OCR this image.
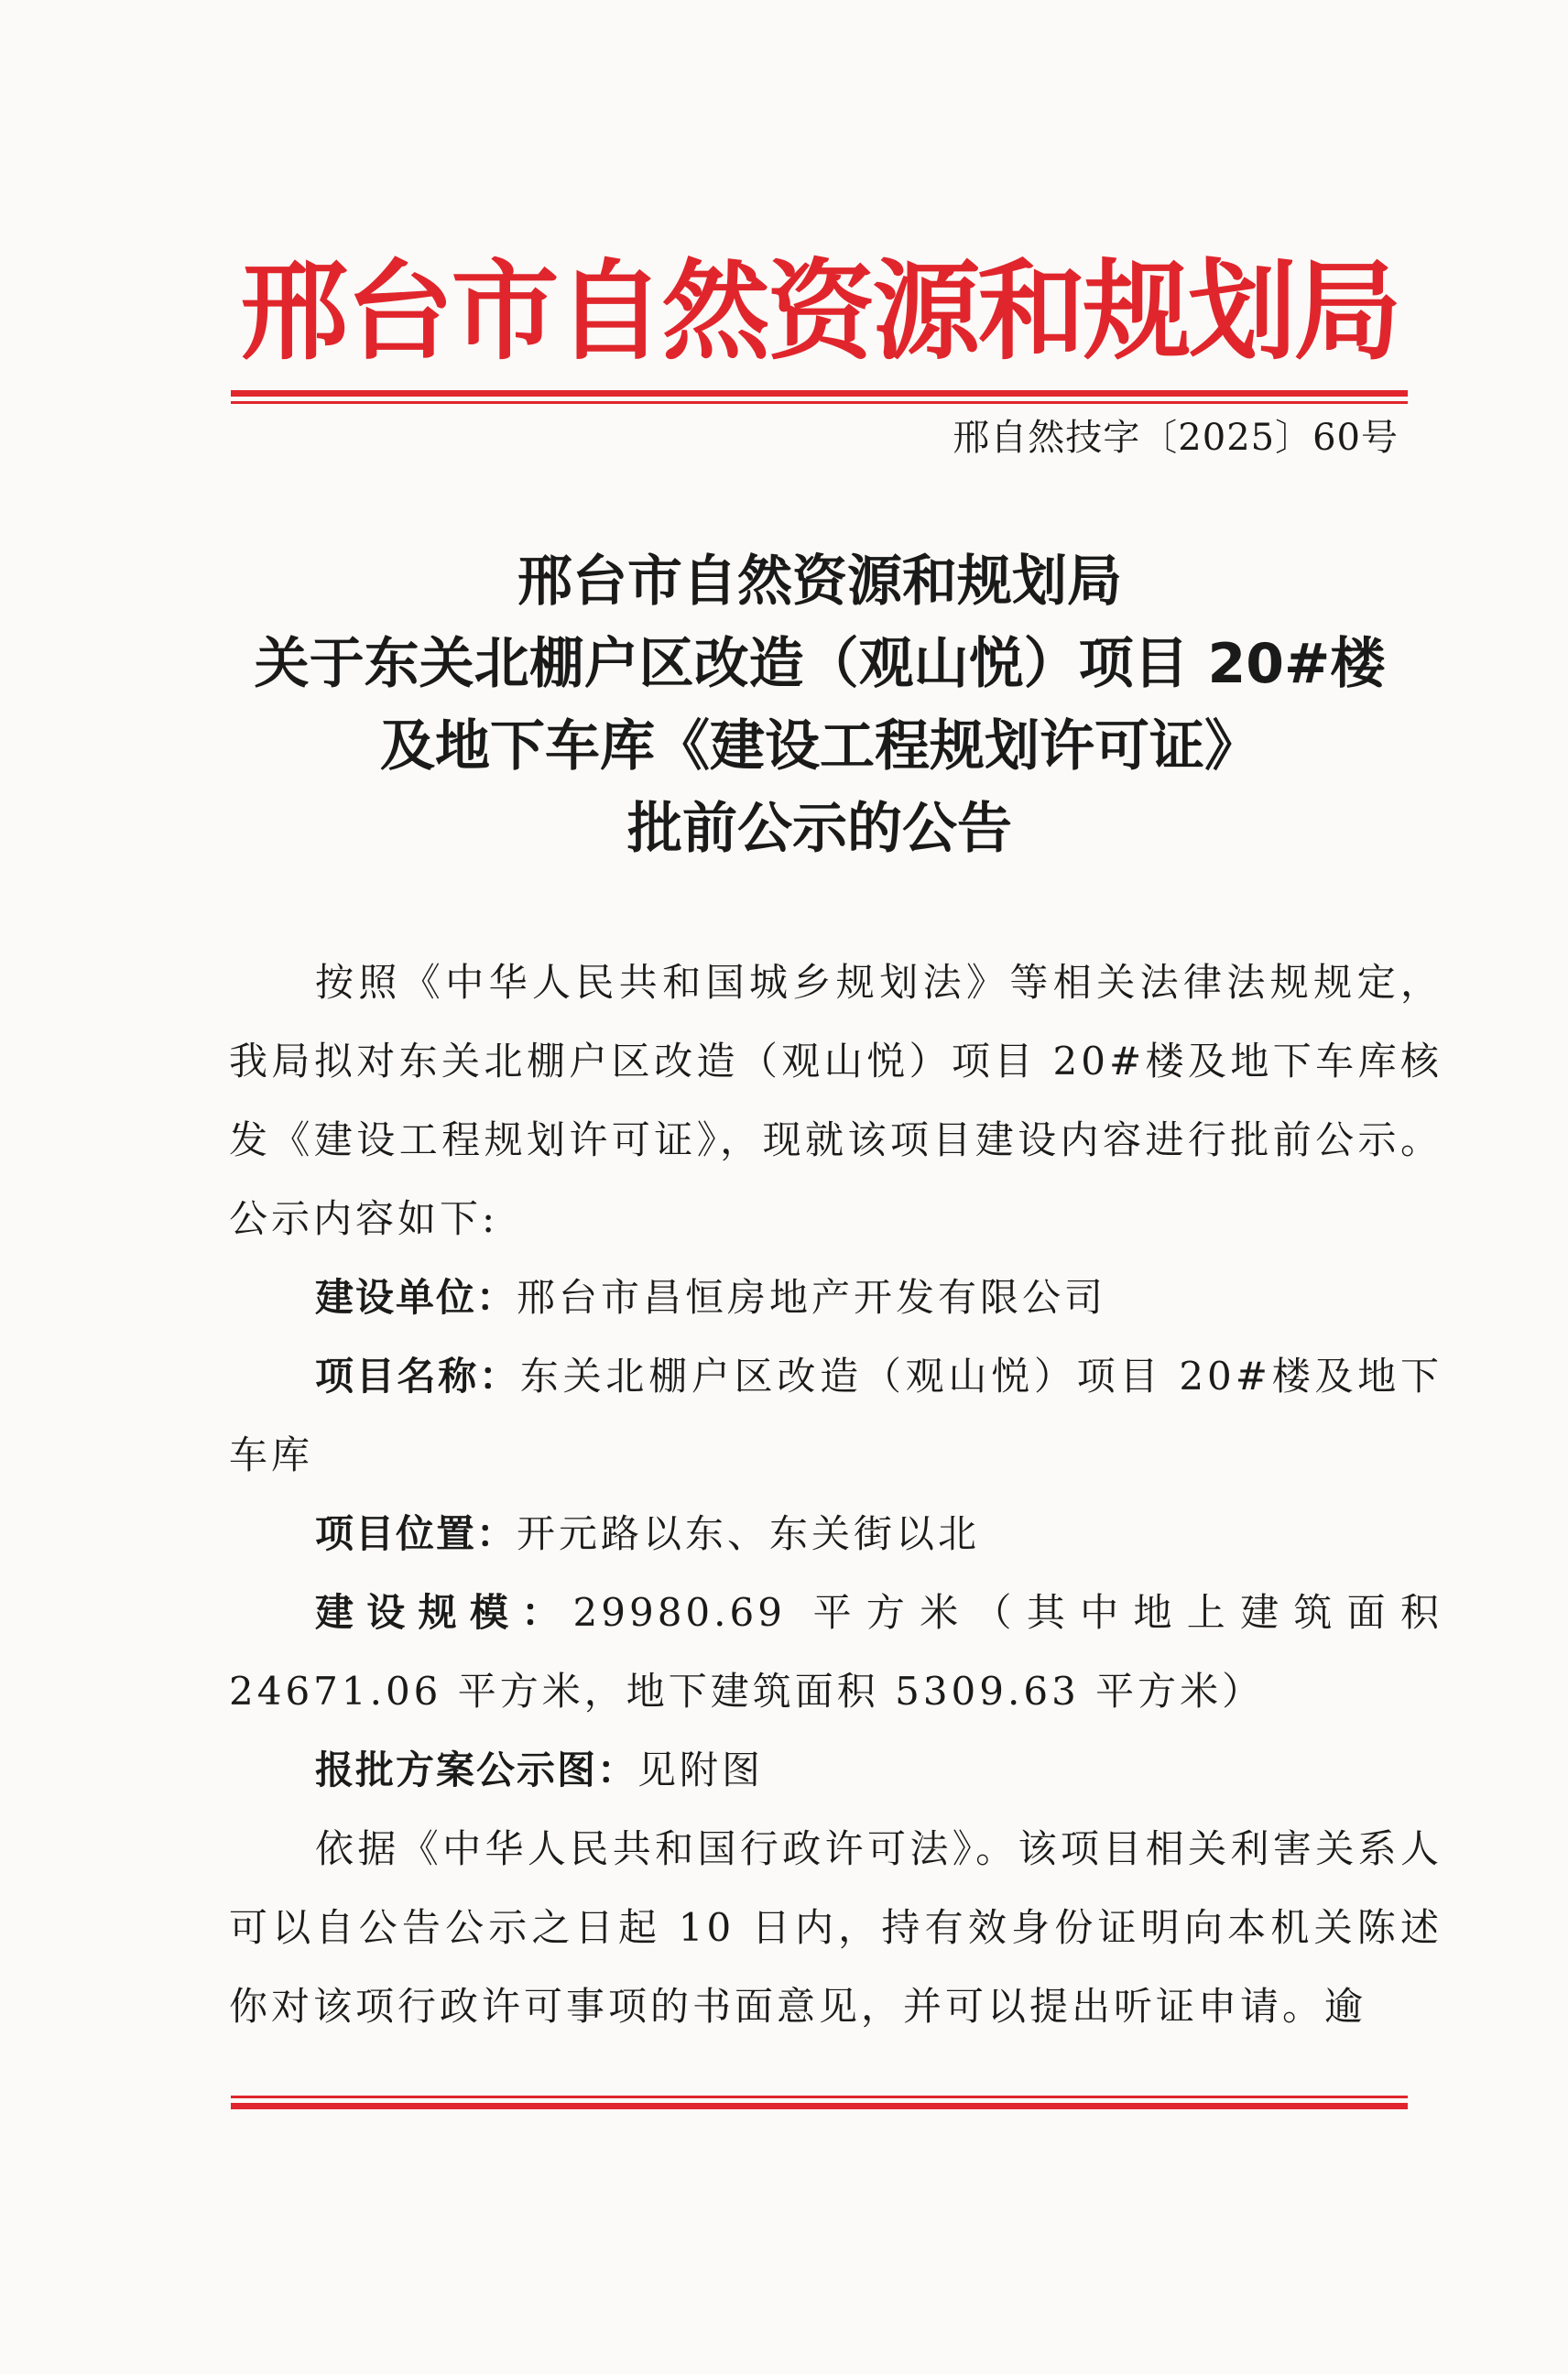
邢台市自然资源和规划局
邢自然技字〔2025〕60号
邢台市自然资源和规划局
关于东关北棚户区改造（观山悦）项目 20#楼
及地下车库《建设工程规划许可证》
批前公示的公告

按照《中华人民共和国城乡规划法》等相关法律法规规定，我局拟对东关北棚户区改造（观山悦）项目 20#楼及地下车库核发《建设工程规划许可证》，现就该项目建设内容进行批前公示。公示内容如下:

建设单位：邢台市昌恒房地产开发有限公司

项目名称：东关北棚户区改造（观山悦）项目 20#楼及地下车库

项目位置：开元路以东、东关街以北

建设规模：29980.69 平方米（其中地上建筑面积 24671.06 平方米，地下建筑面积 5309.63 平方米）

报批方案公示图：见附图

依据《中华人民共和国行政许可法》。该项目相关利害关系人可以自公告公示之日起 10 日内，持有效身份证明向本机关陈述你对该项行政许可事项的书面意见，并可以提出听证申请。逾
